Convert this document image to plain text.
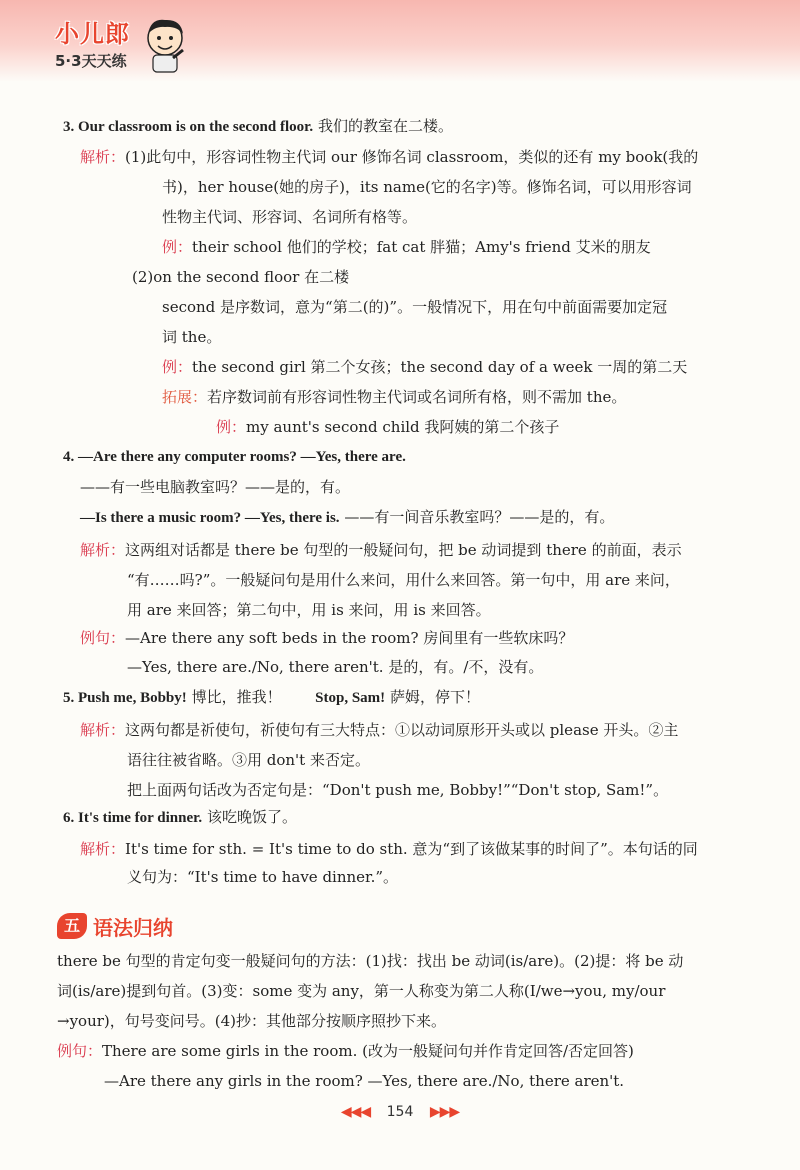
小儿郎
5·3天天练
3. Our classroom is on the second floor. 我们的教室在二楼。
解析：(1)此句中，形容词性物主代词 our 修饰名词 classroom，类似的还有 my book(我的
书)，her house(她的房子)，its name(它的名字)等。修饰名词，可以用形容词
性物主代词、形容词、名词所有格等。
例：their school 他们的学校；fat cat 胖猫；Amy's friend 艾米的朋友
(2)on the second floor 在二楼
second 是序数词，意为“第二(的)”。一般情况下，用在句中前面需要加定冠
词 the。
例：the second girl 第二个女孩；the second day of a week 一周的第二天
拓展：若序数词前有形容词性物主代词或名词所有格，则不需加 the。
例：my aunt's second child 我阿姨的第二个孩子
4. —Are there any computer rooms? —Yes, there are.
——有一些电脑教室吗？——是的，有。
—Is there a music room? —Yes, there is. ——有一间音乐教室吗？——是的，有。
解析：这两组对话都是 there be 句型的一般疑问句，把 be 动词提到 there 的前面，表示
“有……吗?”。一般疑问句是用什么来问，用什么来回答。第一句中，用 are 来问，
用 are 来回答；第二句中，用 is 来问，用 is 来回答。
例句：—Are there any soft beds in the room? 房间里有一些软床吗？
—Yes, there are./No, there aren't. 是的，有。/不，没有。
5. Push me, Bobby! 博比，推我！ Stop, Sam! 萨姆，停下！
解析：这两句都是祈使句，祈使句有三大特点：①以动词原形开头或以 please 开头。②主
语往往被省略。③用 don't 来否定。
把上面两句话改为否定句是：“Don't push me, Bobby!”“Don't stop, Sam!”。
6. It's time for dinner. 该吃晚饭了。
解析：It's time for sth. = It's time to do sth. 意为“到了该做某事的时间了”。本句话的同
义句为：“It's time to have dinner.”。
五 语法归纳
there be 句型的肯定句变一般疑问句的方法：(1)找：找出 be 动词(is/are)。(2)提：将 be 动
词(is/are)提到句首。(3)变：some 变为 any，第一人称变为第二人称(I/we→you, my/our
→your)，句号变问号。(4)抄：其他部分按顺序照抄下来。
例句：There are some girls in the room. (改为一般疑问句并作肯定回答/否定回答)
—Are there any girls in the room? —Yes, there are./No, there aren't.
◀◀◀ 154 ▶▶▶
